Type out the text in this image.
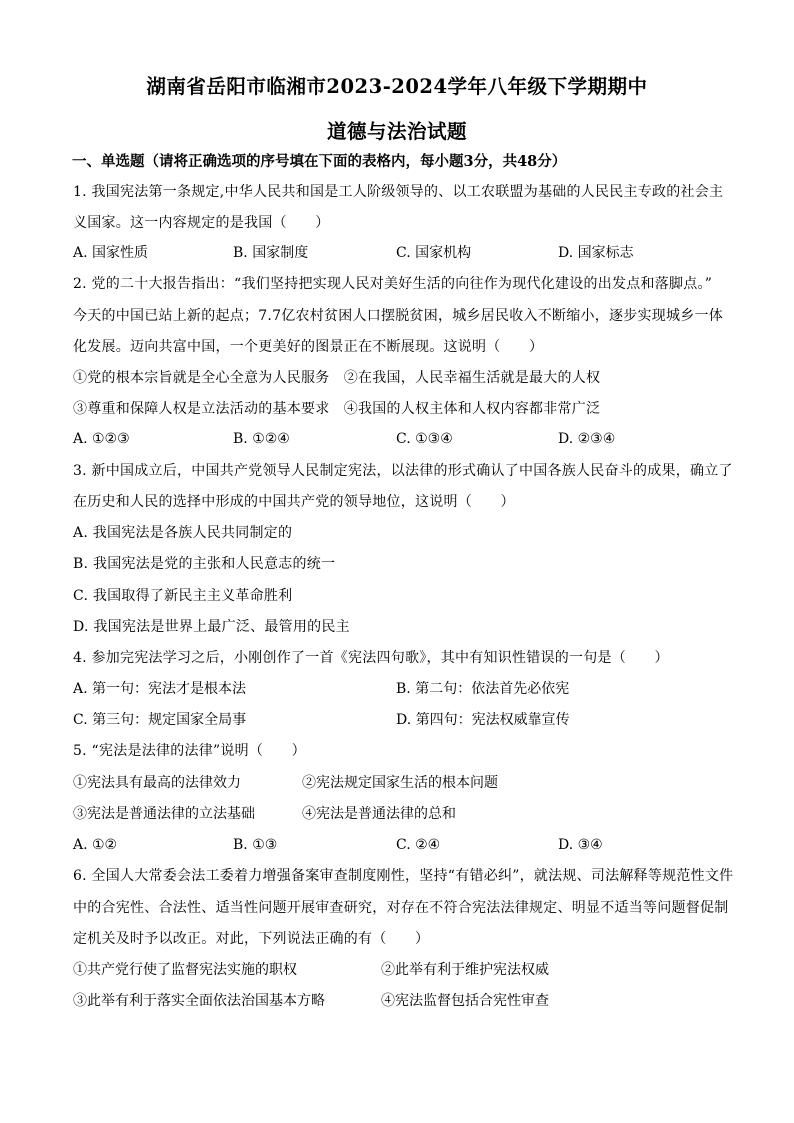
湖南省岳阳市临湘市2023-2024学年八年级下学期期中
道德与法治试题
一、单选题（请将正确选项的序号填在下面的表格内，每小题3分，共48分）
1. 我国宪法第一条规定,中华人民共和国是工人阶级领导的、以工农联盟为基础的人民民主专政的社会主
义国家。这一内容规定的是我国（　　）
A. 国家性质	B. 国家制度	C. 国家机构	D. 国家标志
2. 党的二十大报告指出：“我们坚持把实现人民对美好生活的向往作为现代化建设的出发点和落脚点。”
今天的中国已站上新的起点；7.7亿农村贫困人口摆脱贫困，城乡居民收入不断缩小，逐步实现城乡一体
化发展。迈向共富中国，一个更美好的图景正在不断展现。这说明（　　）
①党的根本宗旨就是全心全意为人民服务　②在我国，人民幸福生活就是最大的人权
③尊重和保障人权是立法活动的基本要求　④我国的人权主体和人权内容都非常广泛
A. ①②③	B. ①②④	C. ①③④	D. ②③④
3. 新中国成立后，中国共产党领导人民制定宪法，以法律的形式确认了中国各族人民奋斗的成果，确立了
在历史和人民的选择中形成的中国共产党的领导地位，这说明（　　）
A. 我国宪法是各族人民共同制定的
B. 我国宪法是党的主张和人民意志的统一
C. 我国取得了新民主主义革命胜利
D. 我国宪法是世界上最广泛、最管用的民主
4. 参加完宪法学习之后，小刚创作了一首《宪法四句歌》，其中有知识性错误的一句是（　　）
A. 第一句：宪法才是根本法	B. 第二句：依法首先必依宪
C. 第三句：规定国家全局事	D. 第四句：宪法权威靠宣传
5. “宪法是法律的法律”说明（　　）
①宪法具有最高的法律效力	②宪法规定国家生活的根本问题
③宪法是普通法律的立法基础	④宪法是普通法律的总和
A. ①②	B. ①③	C. ②④	D. ③④
6. 全国人大常委会法工委着力增强备案审查制度刚性，坚持“有错必纠”，就法规、司法解释等规范性文件
中的合宪性、合法性、适当性问题开展审查研究，对存在不符合宪法法律规定、明显不适当等问题督促制
定机关及时予以改正。对此，下列说法正确的有（　　）
①共产党行使了监督宪法实施的职权	②此举有利于维护宪法权威
③此举有利于落实全面依法治国基本方略	④宪法监督包括合宪性审查
